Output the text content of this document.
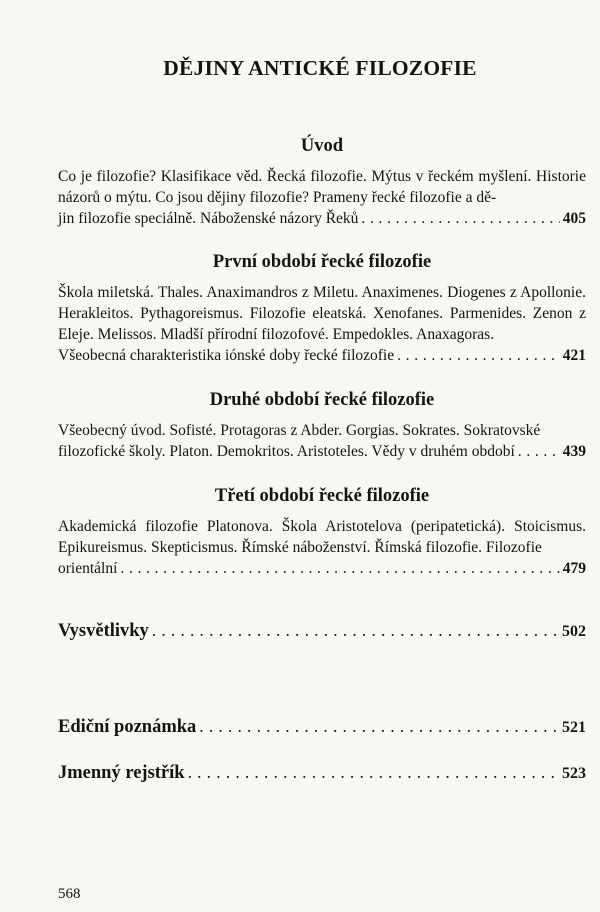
DĚJINY ANTICKÉ FILOZOFIE
Úvod

Co je filozofie? Klasifikace věd. Řecká filozofie. Mýtus v řeckém myšlení. Historie názorů o mýtu. Co jsou dějiny filozofie? Prameny řecké filozofie a dě-

jin filozofie speciálně. Náboženské názory Řeků . . .	405
První období řecké filozofie

Škola miletská. Thales. Anaximandros z Miletu. Anaximenes. Diogenes z Apollonie. Herakleitos. Pythagoreismus. Filozofie eleatská. Xenofanes. Parmenides. Zenon z Eleje. Melissos. Mladší přírodní filozofové. Empedokles. Anaxagoras.

Všeobecná charakteristika iónské doby řecké filozofie . . .	421
Druhé období řecké filozofie

Všeobecný úvod. Sofisté. Protagoras z Abder. Gorgias. Sokrates. Sokratovské

filozofické školy. Platon. Demokritos. Aristoteles. Vědy v druhém období . . .	439
Třetí období řecké filozofie

Akademická filozofie Platonova. Škola Aristotelova (peripatetická). Stoicismus. Epikureismus. Skepticismus. Římské náboženství. Římská filozofie. Filozofie

orientální . . .	479
Vysvětlivky . . .	502
Ediční poznámka . . .	521
Jmenný rejstřík . . .	523
568
